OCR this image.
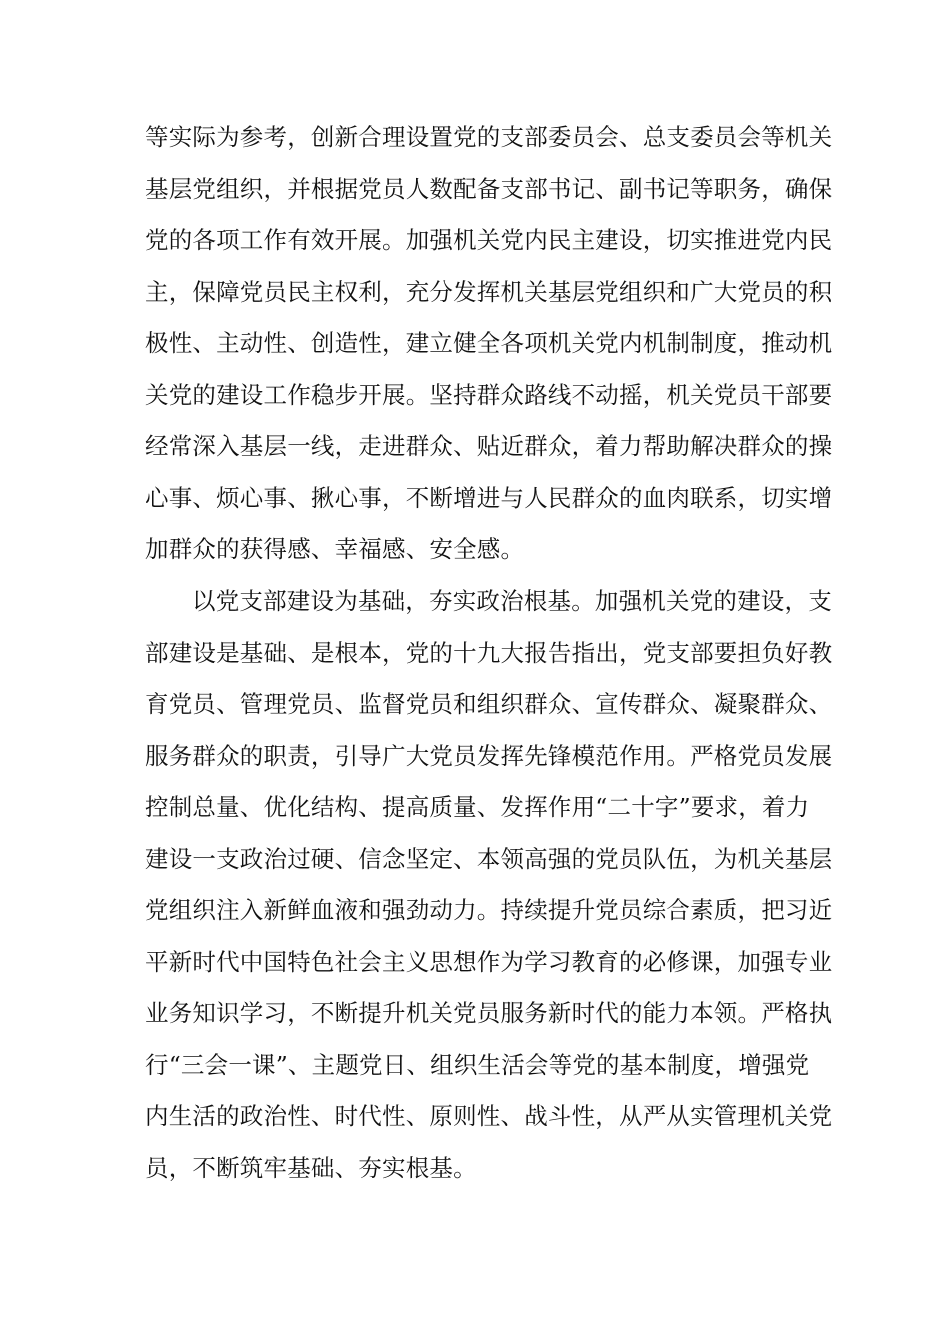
等实际为参考，创新合理设置党的支部委员会、总支委员会等机关
基层党组织，并根据党员人数配备支部书记、副书记等职务，确保
党的各项工作有效开展。加强机关党内民主建设，切实推进党内民
主，保障党员民主权利，充分发挥机关基层党组织和广大党员的积
极性、主动性、创造性，建立健全各项机关党内机制制度，推动机
关党的建设工作稳步开展。坚持群众路线不动摇，机关党员干部要
经常深入基层一线，走进群众、贴近群众，着力帮助解决群众的操
心事、烦心事、揪心事，不断增进与人民群众的血肉联系，切实增
加群众的获得感、幸福感、安全感。
以党支部建设为基础，夯实政治根基。加强机关党的建设，支
部建设是基础、是根本，党的十九大报告指出，党支部要担负好教
育党员、管理党员、监督党员和组织群众、宣传群众、凝聚群众、
服务群众的职责，引导广大党员发挥先锋模范作用。严格党员发展
控制总量、优化结构、提高质量、发挥作用“二十字”要求，着力
建设一支政治过硬、信念坚定、本领高强的党员队伍，为机关基层
党组织注入新鲜血液和强劲动力。持续提升党员综合素质，把习近
平新时代中国特色社会主义思想作为学习教育的必修课，加强专业
业务知识学习，不断提升机关党员服务新时代的能力本领。严格执
行“三会一课”、主题党日、组织生活会等党的基本制度，增强党
内生活的政治性、时代性、原则性、战斗性，从严从实管理机关党
员，不断筑牢基础、夯实根基。
